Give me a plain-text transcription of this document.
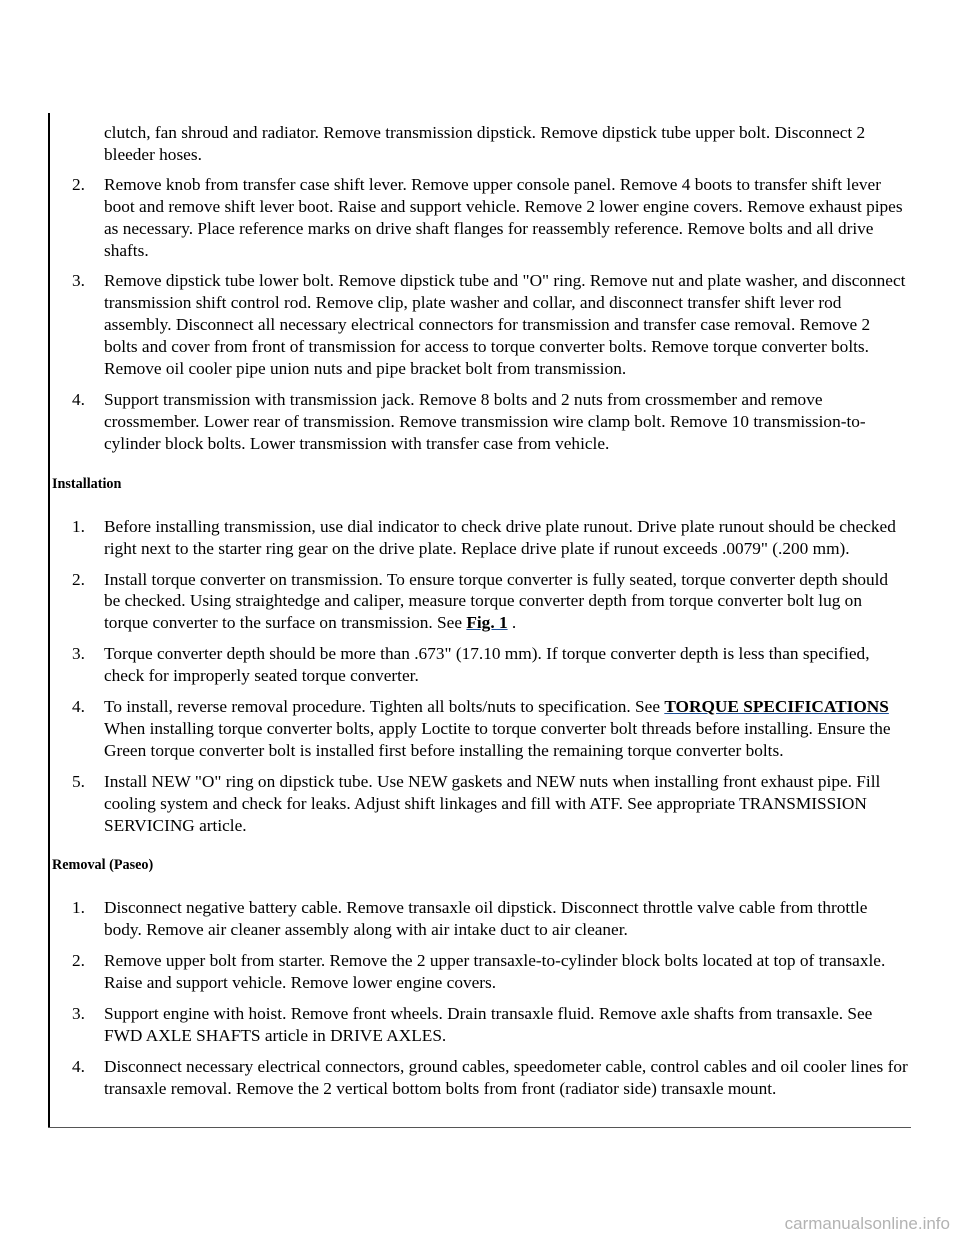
clutch, fan shroud and radiator. Remove transmission dipstick. Remove dipstick tube upper bolt. Disconnect 2 bleeder hoses.

2. Remove knob from transfer case shift lever. Remove upper console panel. Remove 4 boots to transfer shift lever boot and remove shift lever boot. Raise and support vehicle. Remove 2 lower engine covers. Remove exhaust pipes as necessary. Place reference marks on drive shaft flanges for reassembly reference. Remove bolts and all drive shafts.
3. Remove dipstick tube lower bolt. Remove dipstick tube and "O" ring. Remove nut and plate washer, and disconnect transmission shift control rod. Remove clip, plate washer and collar, and disconnect transfer shift lever rod assembly. Disconnect all necessary electrical connectors for transmission and transfer case removal. Remove 2 bolts and cover from front of transmission for access to torque converter bolts. Remove torque converter bolts. Remove oil cooler pipe union nuts and pipe bracket bolt from transmission.
4. Support transmission with transmission jack. Remove 8 bolts and 2 nuts from crossmember and remove crossmember. Lower rear of transmission. Remove transmission wire clamp bolt. Remove 10 transmission-to-cylinder block bolts. Lower transmission with transfer case from vehicle.
Installation
1. Before installing transmission, use dial indicator to check drive plate runout. Drive plate runout should be checked right next to the starter ring gear on the drive plate. Replace drive plate if runout exceeds .0079" (.200 mm).
2. Install torque converter on transmission. To ensure torque converter is fully seated, torque converter depth should be checked. Using straightedge and caliper, measure torque converter depth from torque converter bolt lug on torque converter to the surface on transmission. See Fig. 1 .
3. Torque converter depth should be more than .673" (17.10 mm). If torque converter depth is less than specified, check for improperly seated torque converter.
4. To install, reverse removal procedure. Tighten all bolts/nuts to specification. See TORQUE SPECIFICATIONS When installing torque converter bolts, apply Loctite to torque converter bolt threads before installing. Ensure the Green torque converter bolt is installed first before installing the remaining torque converter bolts.
5. Install NEW "O" ring on dipstick tube. Use NEW gaskets and NEW nuts when installing front exhaust pipe. Fill cooling system and check for leaks. Adjust shift linkages and fill with ATF. See appropriate TRANSMISSION SERVICING article.
Removal (Paseo)
1. Disconnect negative battery cable. Remove transaxle oil dipstick. Disconnect throttle valve cable from throttle body. Remove air cleaner assembly along with air intake duct to air cleaner.
2. Remove upper bolt from starter. Remove the 2 upper transaxle-to-cylinder block bolts located at top of transaxle. Raise and support vehicle. Remove lower engine covers.
3. Support engine with hoist. Remove front wheels. Drain transaxle fluid. Remove axle shafts from transaxle. See FWD AXLE SHAFTS article in DRIVE AXLES.
4. Disconnect necessary electrical connectors, ground cables, speedometer cable, control cables and oil cooler lines for transaxle removal. Remove the 2 vertical bottom bolts from front (radiator side) transaxle mount.
carmanualsonline.info
